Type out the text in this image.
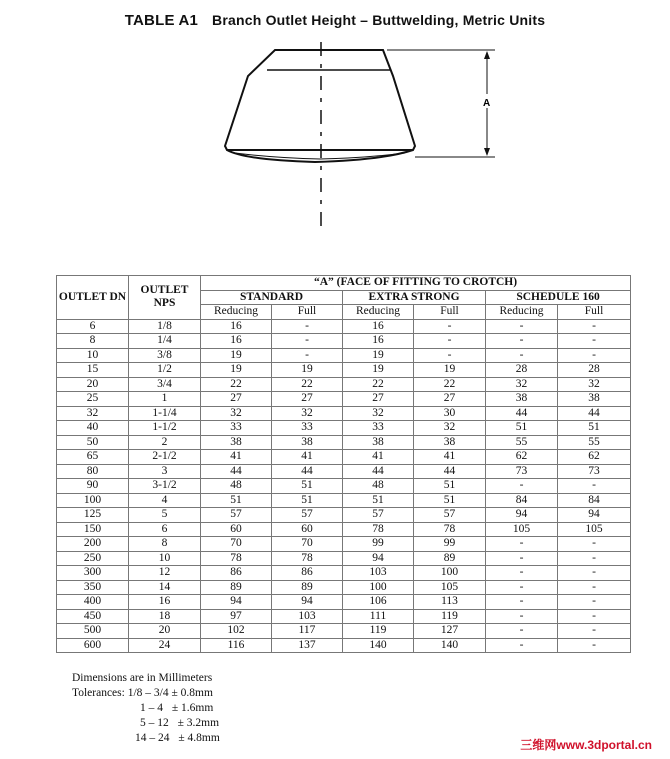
TABLE A1 Branch Outlet Height – Buttwelding, Metric Units
A
OUTLET DN	OUTLET NPS	“A” (FACE OF FITTING TO CROTCH)					
		STANDARD		EXTRA STRONG		SCHEDULE 160	
		Reducing	Full	Reducing	Full	Reducing	Full
6	1/8	16	-	16	-	-	-
8	1/4	16	-	16	-	-	-
10	3/8	19	-	19	-	-	-
15	1/2	19	19	19	19	28	28
20	3/4	22	22	22	22	32	32
25	1	27	27	27	27	38	38
32	1-1/4	32	32	32	30	44	44
40	1-1/2	33	33	33	32	51	51
50	2	38	38	38	38	55	55
65	2-1/2	41	41	41	41	62	62
80	3	44	44	44	44	73	73
90	3-1/2	48	51	48	51	-	-
100	4	51	51	51	51	84	84
125	5	57	57	57	57	94	94
150	6	60	60	78	78	105	105
200	8	70	70	99	99	-	-
250	10	78	78	94	89	-	-
300	12	86	86	103	100	-	-
350	14	89	89	100	105	-	-
400	16	94	94	106	113	-	-
450	18	97	103	111	119	-	-
500	20	102	117	119	127	-	-
600	24	116	137	140	140	-	-
Dimensions are in Millimeters
Tolerances: 1/8 – 3/4 ± 0.8mm
1 – 4 ± 1.6mm
5 – 12 ± 3.2mm
14 – 24 ± 4.8mm	三维网www.3dportal.cn
